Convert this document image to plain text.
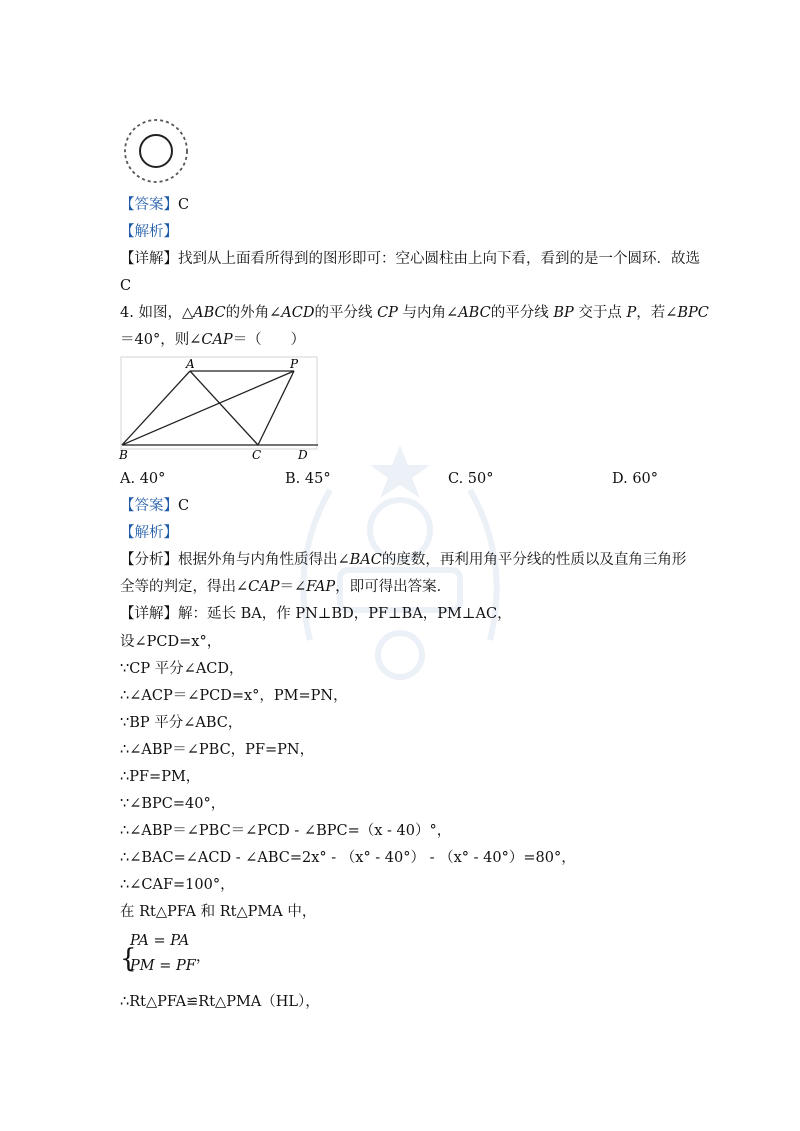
【答案】C

【解析】

【详解】找到从上面看所得到的图形即可：空心圆柱由上向下看，看到的是一个圆环．故选

C

4. 如图，△ABC的外角∠ACD的平分线 CP 与内角∠ABC的平分线 BP 交于点 P，若∠BPC

＝40°，则∠CAP＝（　　）

A	P
B	C	D
A. 40°	B. 45°	C. 50°	D. 60°

【答案】C

【解析】

【分析】根据外角与内角性质得出∠BAC的度数，再利用角平分线的性质以及直角三角形

全等的判定，得出∠CAP＝∠FAP，即可得出答案．

【详解】解：延长 BA，作 PN⊥BD，PF⊥BA，PM⊥AC，

设∠PCD=x°，

∵CP 平分∠ACD，

∴∠ACP＝∠PCD=x°，PM=PN，

∵BP 平分∠ABC，

∴∠ABP＝∠PBC，PF=PN，

∴PF=PM，

∵∠BPC=40°，

∴∠ABP＝∠PBC＝∠PCD - ∠BPC=（x - 40）°，

∴∠BAC=∠ACD - ∠ABC=2x° - （x° - 40°） - （x° - 40°）=80°，

∴∠CAF=100°，

在 Rt△PFA 和 Rt△PMA 中，

{
PA = PA
PM = PF
，

∴Rt△PFA≌Rt△PMA（HL），
